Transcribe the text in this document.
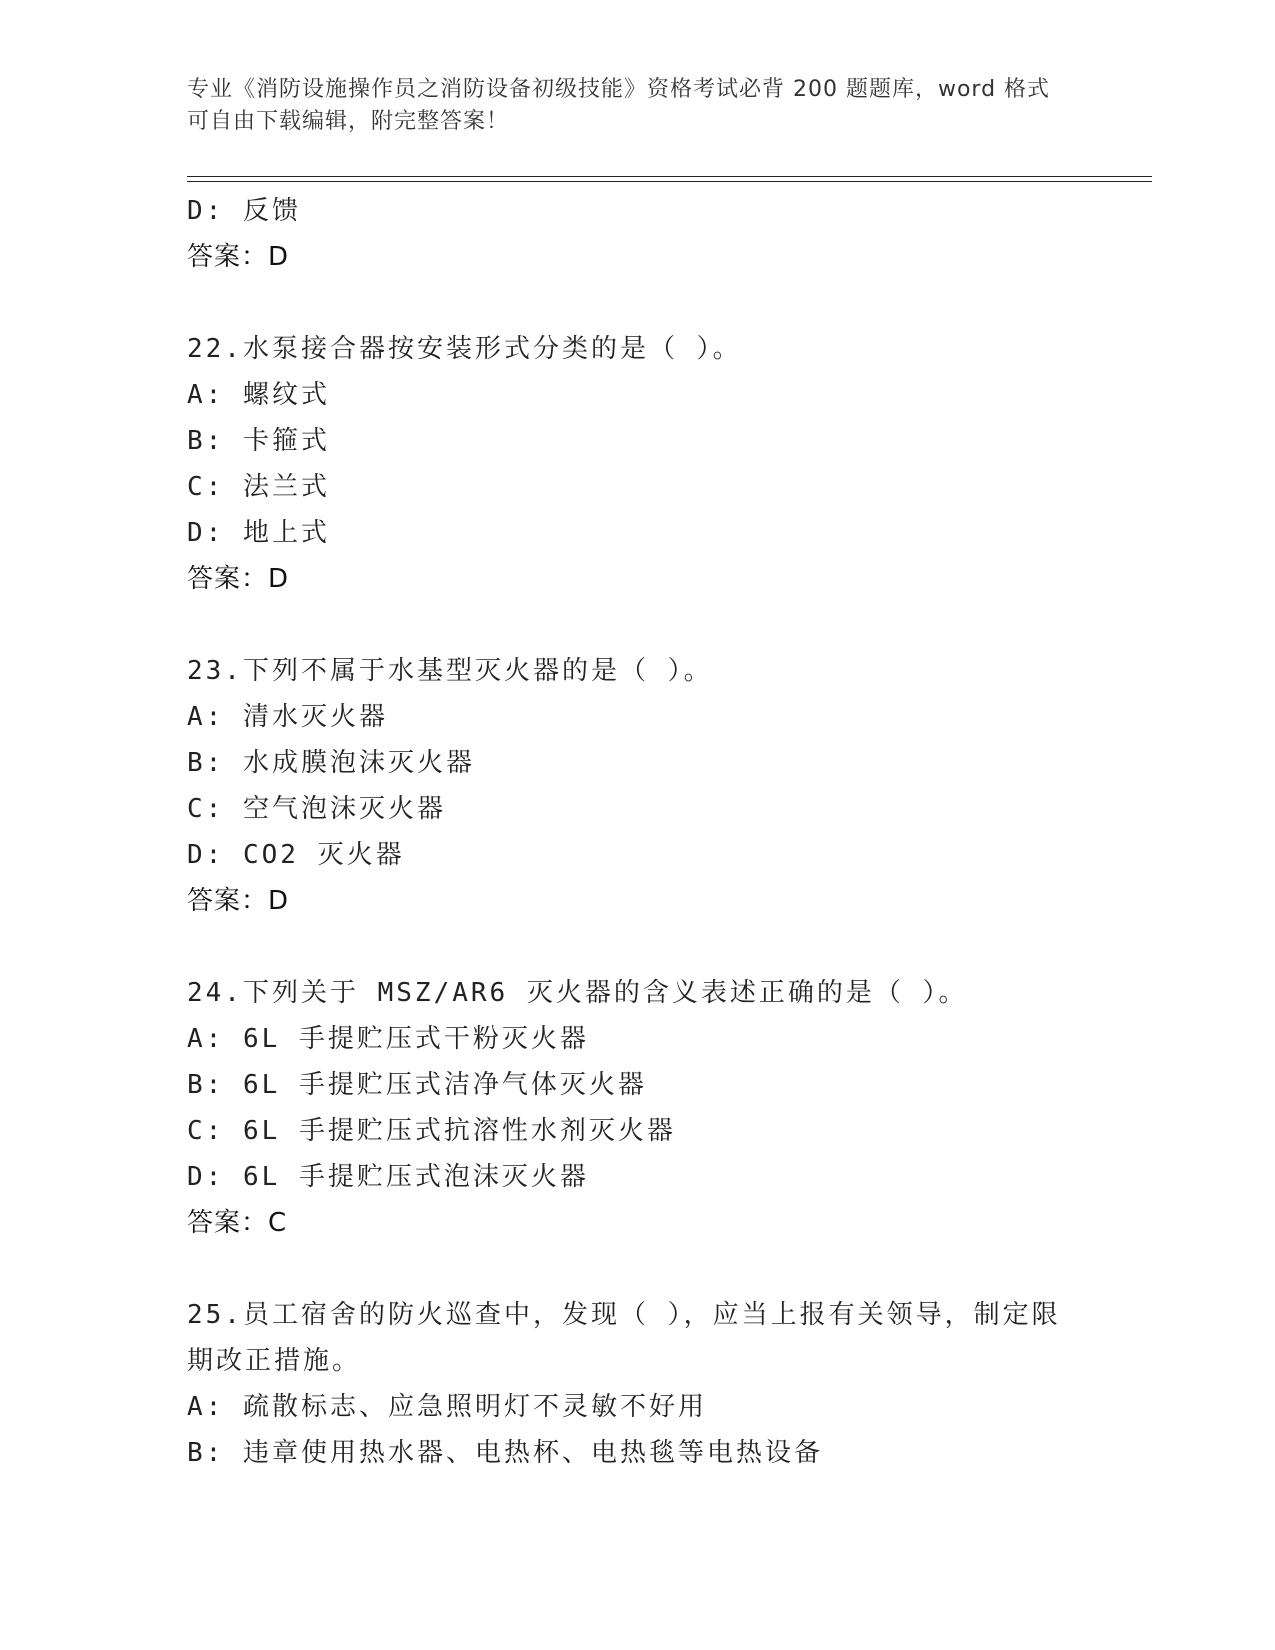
专业《消防设施操作员之消防设备初级技能》资格考试必背 200 题题库，word 格式可自由下载编辑，附完整答案！
D: 反馈
答案：D
22.水泵接合器按安装形式分类的是（ ）。
A: 螺纹式
B: 卡箍式
C: 法兰式
D: 地上式
答案：D
23.下列不属于水基型灭火器的是（ ）。
A: 清水灭火器
B: 水成膜泡沫灭火器
C: 空气泡沫灭火器
D: CO2 灭火器
答案：D
24.下列关于 MSZ/AR6 灭火器的含义表述正确的是（ ）。
A: 6L 手提贮压式干粉灭火器
B: 6L 手提贮压式洁净气体灭火器
C: 6L 手提贮压式抗溶性水剂灭火器
D: 6L 手提贮压式泡沫灭火器
答案：C
25.员工宿舍的防火巡查中，发现（ ），应当上报有关领导，制定限期改正措施。
A: 疏散标志、应急照明灯不灵敏不好用
B: 违章使用热水器、电热杯、电热毯等电热设备
